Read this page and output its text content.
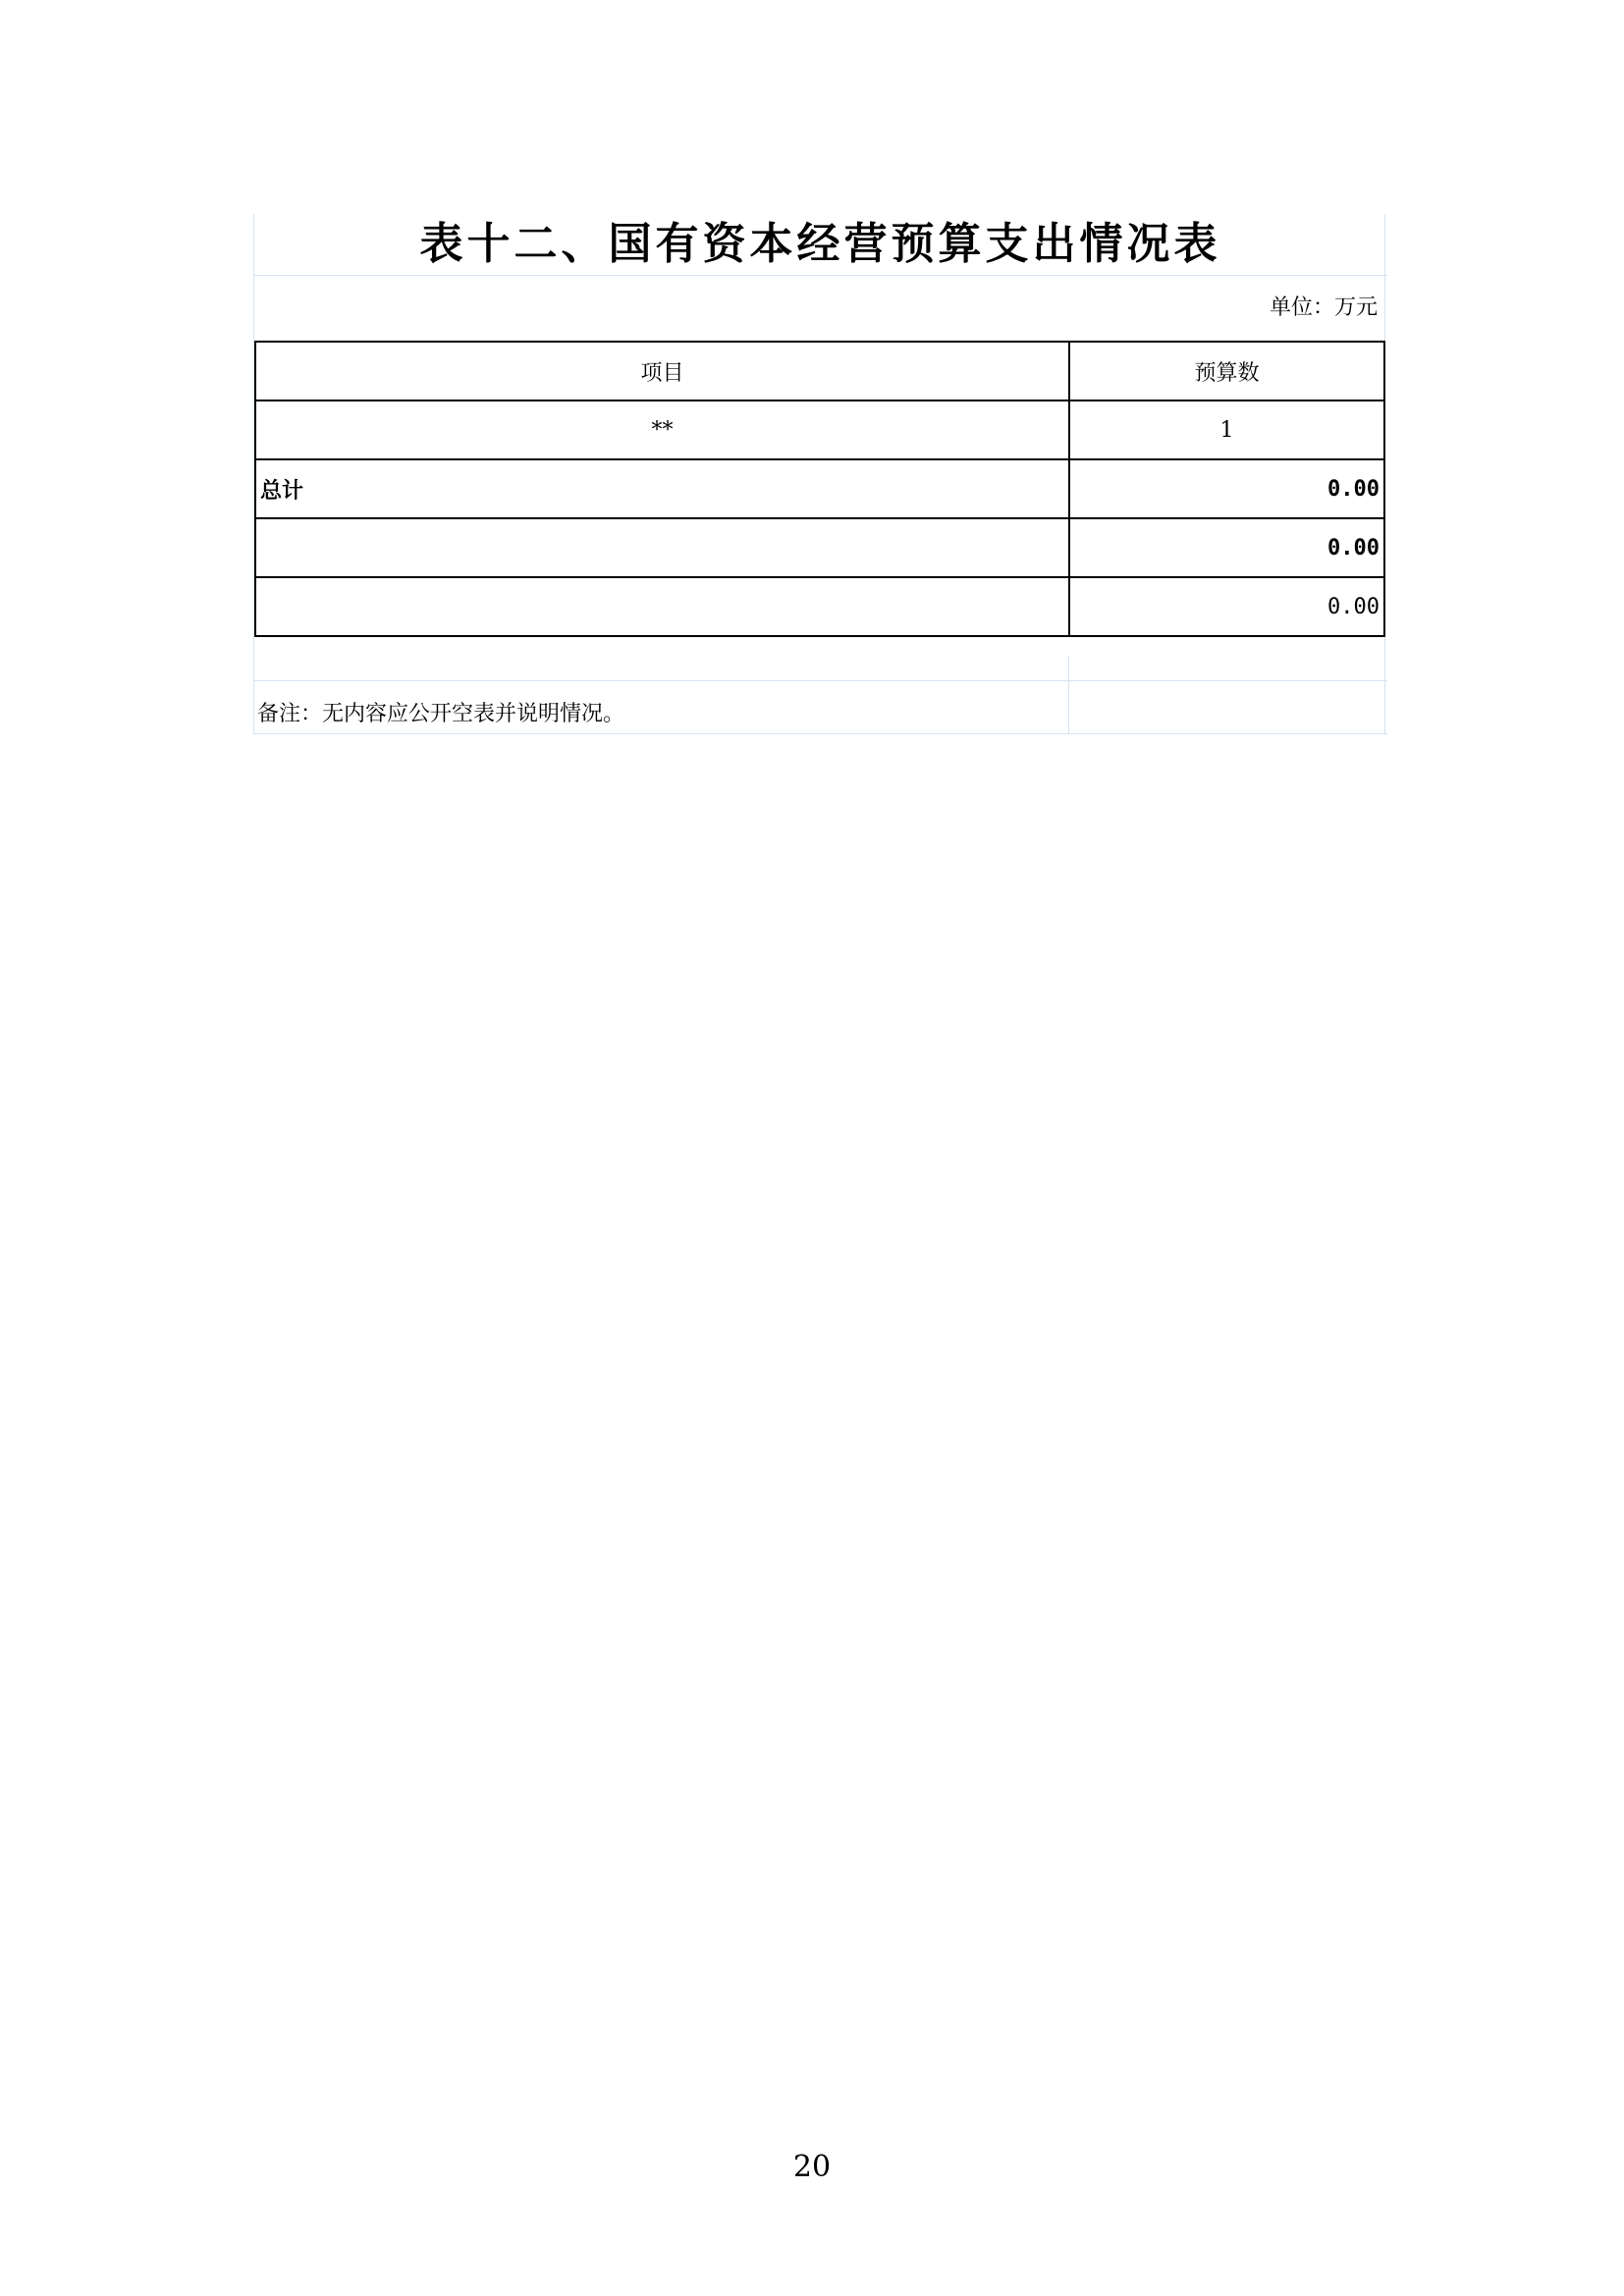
表十二、国有资本经营预算支出情况表
单位：万元
项目	预算数
**	1
总计	0.00
	0.00
	0.00
备注：无内容应公开空表并说明情况。
20
